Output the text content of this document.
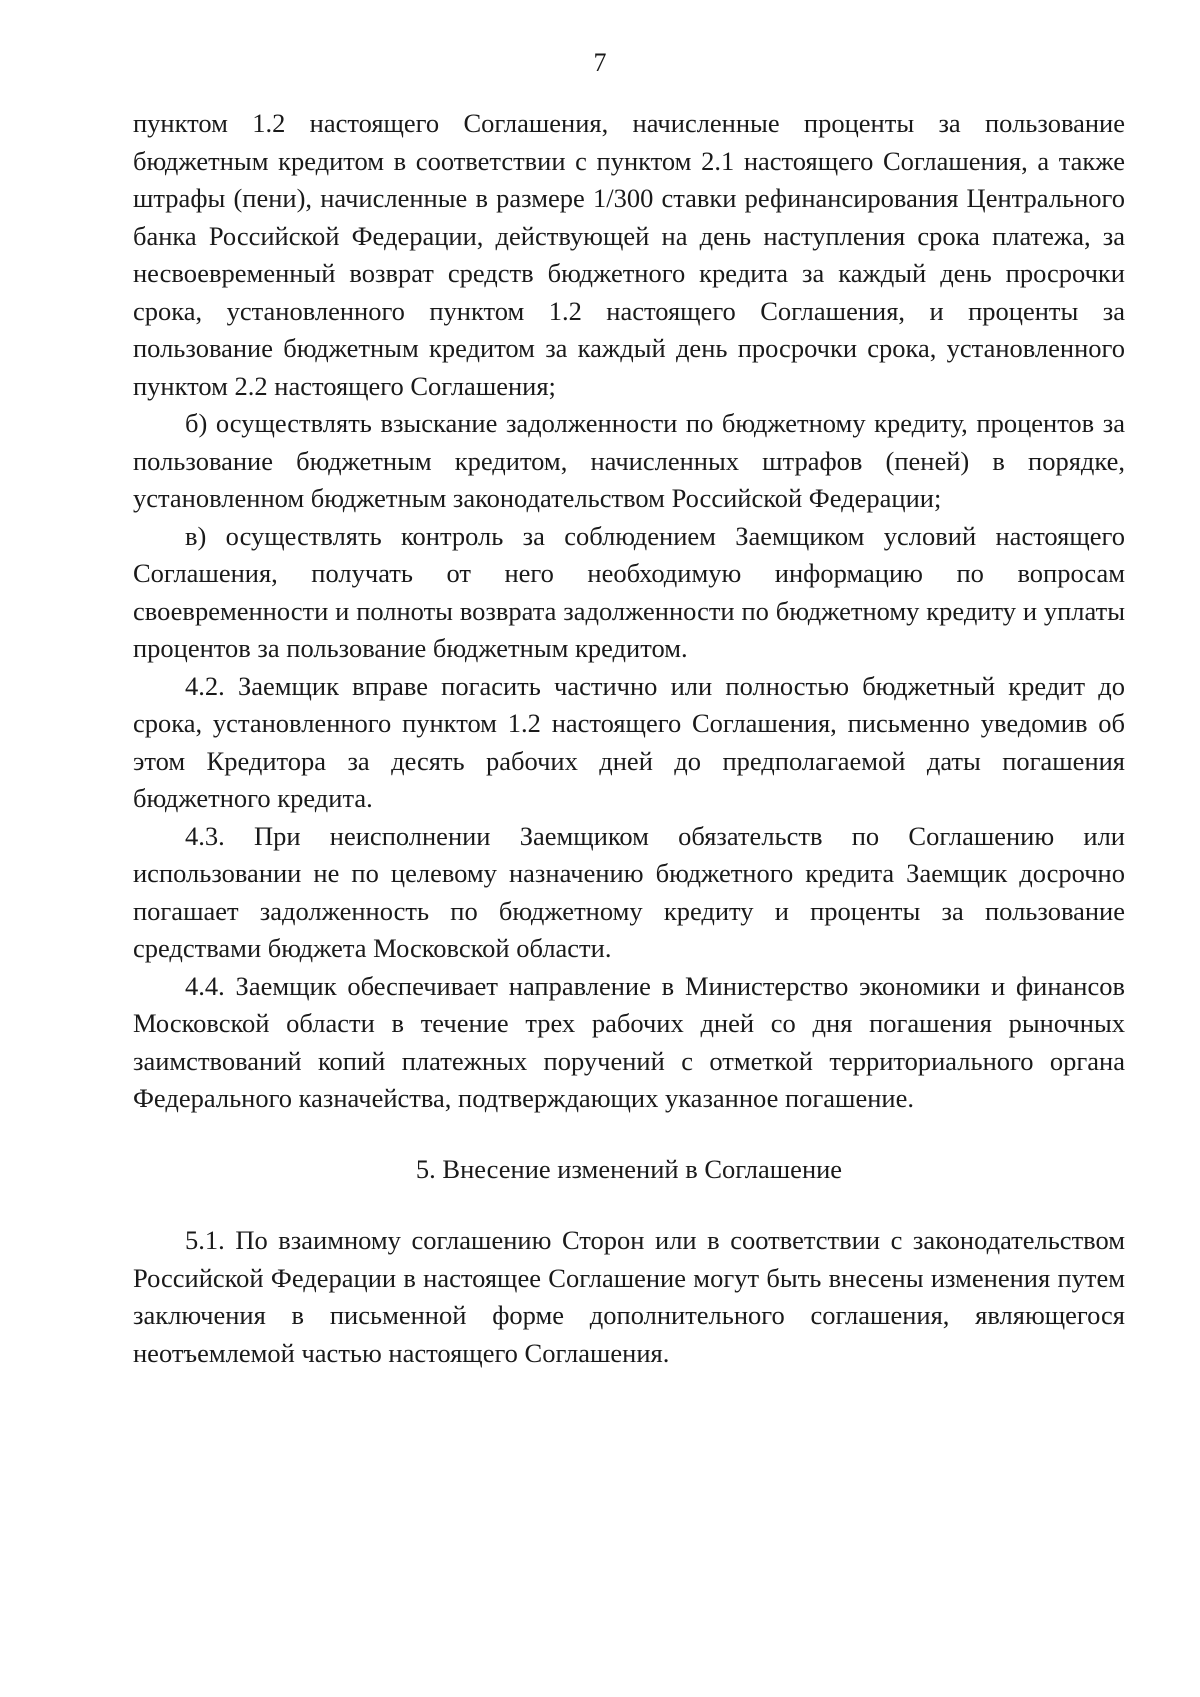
7

пунктом 1.2 настоящего Соглашения, начисленные проценты за пользование бюджетным кредитом в соответствии с пунктом 2.1 настоящего Соглашения, а также штрафы (пени), начисленные в размере 1/300 ставки рефинансирования Центрального банка Российской Федерации, действующей на день наступления срока платежа, за несвоевременный возврат средств бюджетного кредита за каждый день просрочки срока, установленного пунктом 1.2 настоящего Соглашения, и проценты за пользование бюджетным кредитом за каждый день просрочки срока, установленного пунктом 2.2 настоящего Соглашения;

б) осуществлять взыскание задолженности по бюджетному кредиту, процентов за пользование бюджетным кредитом, начисленных штрафов (пеней) в порядке, установленном бюджетным законодательством Российской Федерации;

в) осуществлять контроль за соблюдением Заемщиком условий настоящего Соглашения, получать от него необходимую информацию по вопросам своевременности и полноты возврата задолженности по бюджетному кредиту и уплаты процентов за пользование бюджетным кредитом.

4.2. Заемщик вправе погасить частично или полностью бюджетный кредит до срока, установленного пунктом 1.2 настоящего Соглашения, письменно уведомив об этом Кредитора за десять рабочих дней до предполагаемой даты погашения бюджетного кредита.

4.3. При неисполнении Заемщиком обязательств по Соглашению или использовании не по целевому назначению бюджетного кредита Заемщик досрочно погашает задолженность по бюджетному кредиту и проценты за пользование средствами бюджета Московской области.

4.4. Заемщик обеспечивает направление в Министерство экономики и финансов Московской области в течение трех рабочих дней со дня погашения рыночных заимствований копий платежных поручений с отметкой территориального органа Федерального казначейства, подтверждающих указанное погашение.

5. Внесение изменений в Соглашение

5.1. По взаимному соглашению Сторон или в соответствии с законодательством Российской Федерации в настоящее Соглашение могут быть внесены изменения путем заключения в письменной форме дополнительного соглашения, являющегося неотъемлемой частью настоящего Соглашения.
